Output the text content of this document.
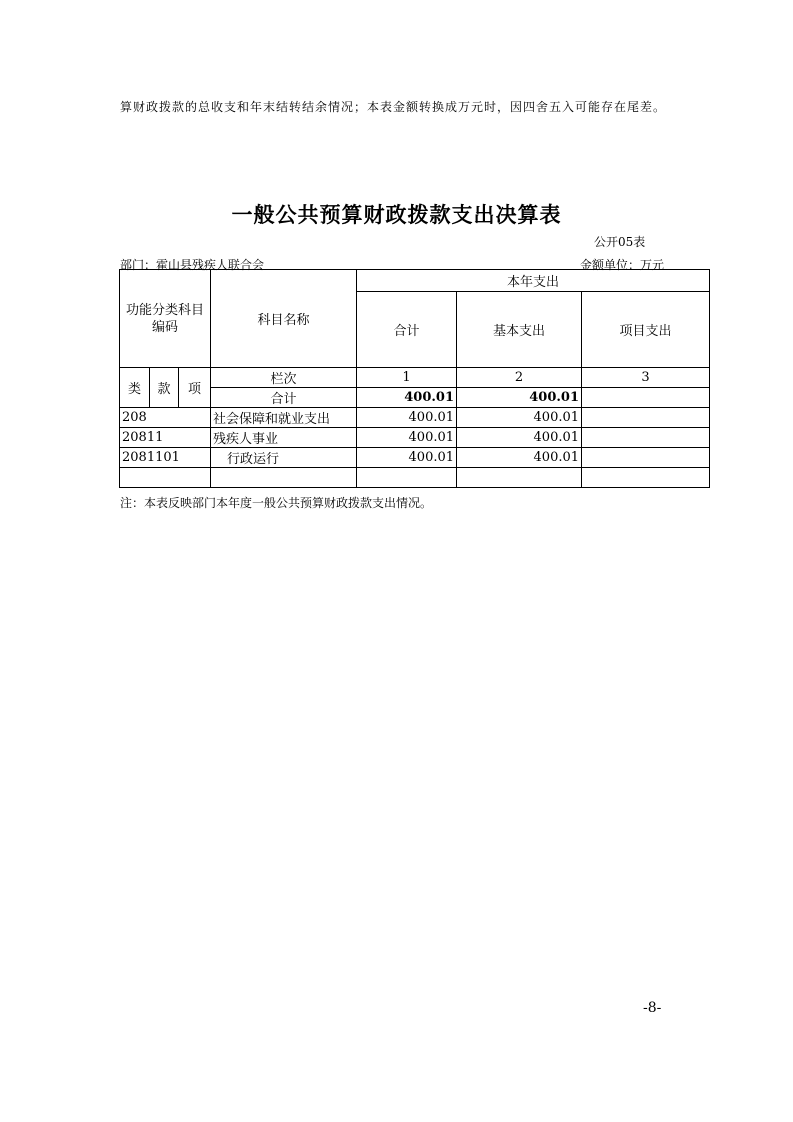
算财政拨款的总收支和年末结转结余情况；本表金额转换成万元时，因四舍五入可能存在尾差。
一般公共预算财政拨款支出决算表
公开05表
部门：霍山县残疾人联合会	金额单位：万元
功能分类科目编码			科目名称	本年支出		
				合计	基本支出	项目支出
类	款	项	栏次	1	2	3
			合计	400.01	400.01	
208			社会保障和就业支出	400.01	400.01	
20811			残疾人事业	400.01	400.01	
2081101			行政运行	400.01	400.01	

注：本表反映部门本年度一般公共预算财政拨款支出情况。
-8-
